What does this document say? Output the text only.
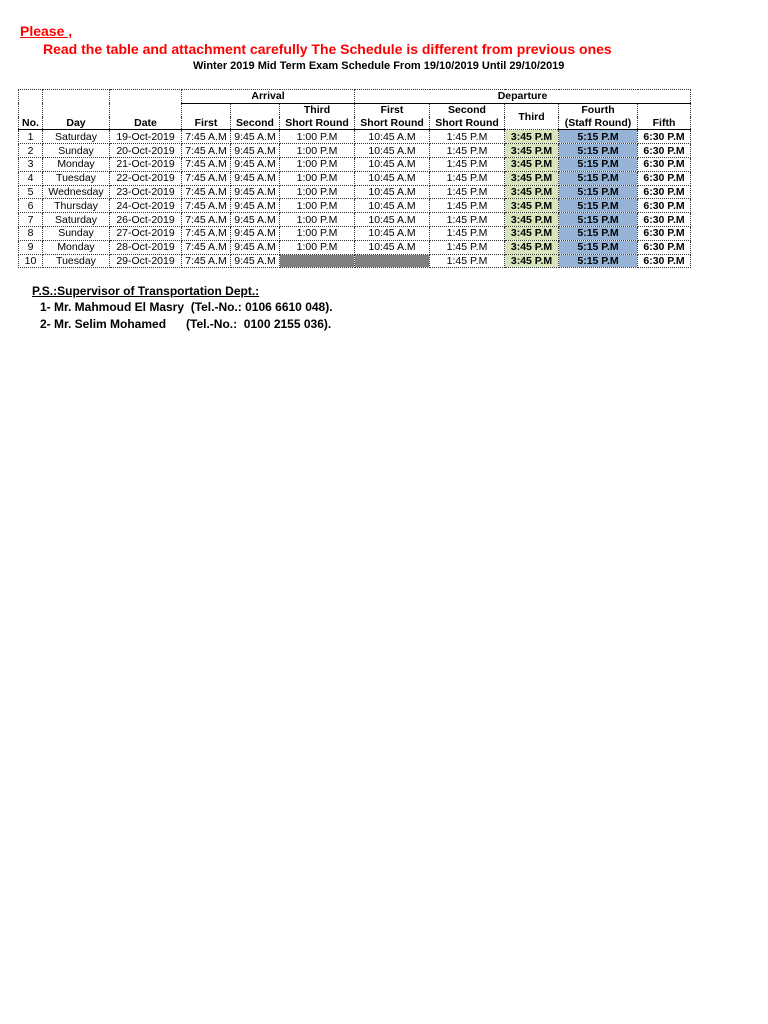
Please ,
Read the table and attachment carefully The Schedule is different from previous ones
Winter 2019 Mid Term Exam Schedule From 19/10/2019 Until 29/10/2019
			Arrival			Departure				
					Third	First	Second	Third	Fourth	
No.	Day	Date	First	Second	Short Round	Short Round	Short Round		(Staff Round)	Fifth
1	Saturday	19-Oct-2019	7:45 A.M	9:45 A.M	1:00 P.M	10:45 A.M	1:45 P.M	3:45 P.M	5:15 P.M	6:30 P.M
2	Sunday	20-Oct-2019	7:45 A.M	9:45 A.M	1:00 P.M	10:45 A.M	1:45 P.M	3:45 P.M	5:15 P.M	6:30 P.M
3	Monday	21-Oct-2019	7:45 A.M	9:45 A.M	1:00 P.M	10:45 A.M	1:45 P.M	3:45 P.M	5:15 P.M	6:30 P.M
4	Tuesday	22-Oct-2019	7:45 A.M	9:45 A.M	1:00 P.M	10:45 A.M	1:45 P.M	3:45 P.M	5:15 P.M	6:30 P.M
5	Wednesday	23-Oct-2019	7:45 A.M	9:45 A.M	1:00 P.M	10:45 A.M	1:45 P.M	3:45 P.M	5:15 P.M	6:30 P.M
6	Thursday	24-Oct-2019	7:45 A.M	9:45 A.M	1:00 P.M	10:45 A.M	1:45 P.M	3:45 P.M	5:15 P.M	6:30 P.M
7	Saturday	26-Oct-2019	7:45 A.M	9:45 A.M	1:00 P.M	10:45 A.M	1:45 P.M	3:45 P.M	5:15 P.M	6:30 P.M
8	Sunday	27-Oct-2019	7:45 A.M	9:45 A.M	1:00 P.M	10:45 A.M	1:45 P.M	3:45 P.M	5:15 P.M	6:30 P.M
9	Monday	28-Oct-2019	7:45 A.M	9:45 A.M	1:00 P.M	10:45 A.M	1:45 P.M	3:45 P.M	5:15 P.M	6:30 P.M
10	Tuesday	29-Oct-2019	7:45 A.M	9:45 A.M			1:45 P.M	3:45 P.M	5:15 P.M	6:30 P.M
P.S.:Supervisor of Transportation Dept.:
1- Mr. Mahmoud El Masry  (Tel.-No.: 0106 6610 048).
2- Mr. Selim Mohamed      (Tel.-No.:  0100 2155 036).
